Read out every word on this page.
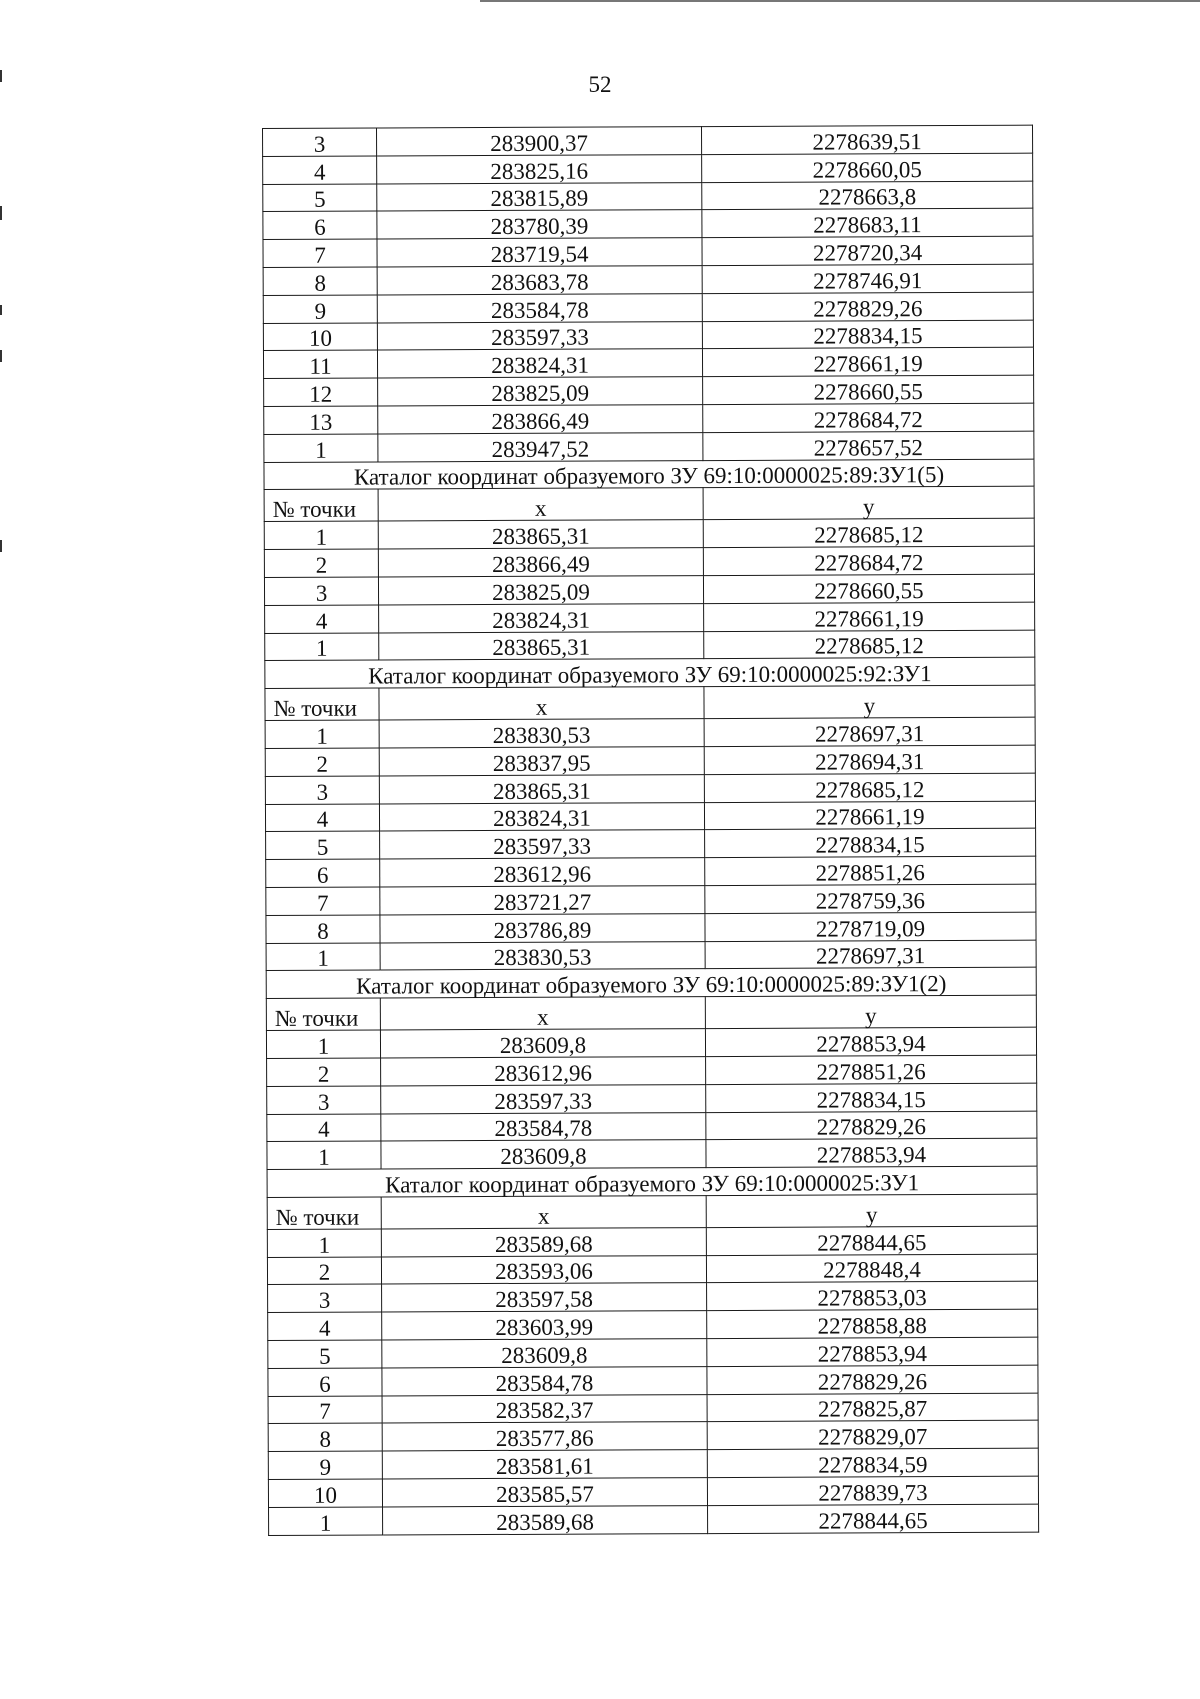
52
3	283900,37	2278639,51
4	283825,16	2278660,05
5	283815,89	2278663,8
6	283780,39	2278683,11
7	283719,54	2278720,34
8	283683,78	2278746,91
9	283584,78	2278829,26
10	283597,33	2278834,15
11	283824,31	2278661,19
12	283825,09	2278660,55
13	283866,49	2278684,72
1	283947,52	2278657,52
Каталог координат образуемого ЗУ 69:10:0000025:89:ЗУ1(5)		
№ точки	x	y
1	283865,31	2278685,12
2	283866,49	2278684,72
3	283825,09	2278660,55
4	283824,31	2278661,19
1	283865,31	2278685,12
Каталог координат образуемого ЗУ 69:10:0000025:92:ЗУ1		
№ точки	x	y
1	283830,53	2278697,31
2	283837,95	2278694,31
3	283865,31	2278685,12
4	283824,31	2278661,19
5	283597,33	2278834,15
6	283612,96	2278851,26
7	283721,27	2278759,36
8	283786,89	2278719,09
1	283830,53	2278697,31
Каталог координат образуемого ЗУ 69:10:0000025:89:ЗУ1(2)		
№ точки	x	y
1	283609,8	2278853,94
2	283612,96	2278851,26
3	283597,33	2278834,15
4	283584,78	2278829,26
1	283609,8	2278853,94
Каталог координат образуемого ЗУ 69:10:0000025:ЗУ1		
№ точки	x	y
1	283589,68	2278844,65
2	283593,06	2278848,4
3	283597,58	2278853,03
4	283603,99	2278858,88
5	283609,8	2278853,94
6	283584,78	2278829,26
7	283582,37	2278825,87
8	283577,86	2278829,07
9	283581,61	2278834,59
10	283585,57	2278839,73
1	283589,68	2278844,65
